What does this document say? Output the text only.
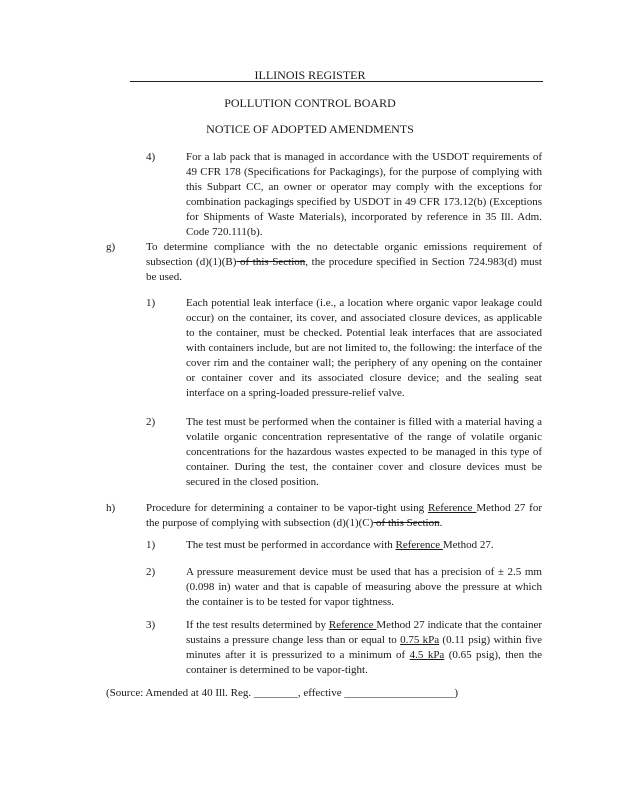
ILLINOIS REGISTER
POLLUTION CONTROL BOARD
NOTICE OF ADOPTED AMENDMENTS
4)	For a lab pack that is managed in accordance with the USDOT requirements of 49 CFR 178 (Specifications for Packagings), for the purpose of complying with this Subpart CC, an owner or operator may comply with the exceptions for combination packagings specified by USDOT in 49 CFR 173.12(b) (Exceptions for Shipments of Waste Materials), incorporated by reference in 35 Ill. Adm. Code 720.111(b).

g)	To determine compliance with the no detectable organic emissions requirement of subsection (d)(1)(B) of this Section, the procedure specified in Section 724.983(d) must be used.

1)	Each potential leak interface (i.e., a location where organic vapor leakage could occur) on the container, its cover, and associated closure devices, as applicable to the container, must be checked. Potential leak interfaces that are associated with containers include, but are not limited to, the following: the interface of the cover rim and the container wall; the periphery of any opening on the container or container cover and its associated closure device; and the sealing seat interface on a spring-loaded pressure-relief valve.

2)	The test must be performed when the container is filled with a material having a volatile organic concentration representative of the range of volatile organic concentrations for the hazardous wastes expected to be managed in this type of container. During the test, the container cover and closure devices must be secured in the closed position.

h)	Procedure for determining a container to be vapor-tight using Reference Method 27 for the purpose of complying with subsection (d)(1)(C) of this Section.

1)	The test must be performed in accordance with Reference Method 27.

2)	A pressure measurement device must be used that has a precision of ± 2.5 mm (0.098 in) water and that is capable of measuring above the pressure at which the container is to be tested for vapor tightness.

3)	If the test results determined by Reference Method 27 indicate that the container sustains a pressure change less than or equal to 0.75 kPa (0.11 psig) within five minutes after it is pressurized to a minimum of 4.5 kPa (0.65 psig), then the container is determined to be vapor-tight.

(Source: Amended at 40 Ill. Reg. ________, effective ____________________)
